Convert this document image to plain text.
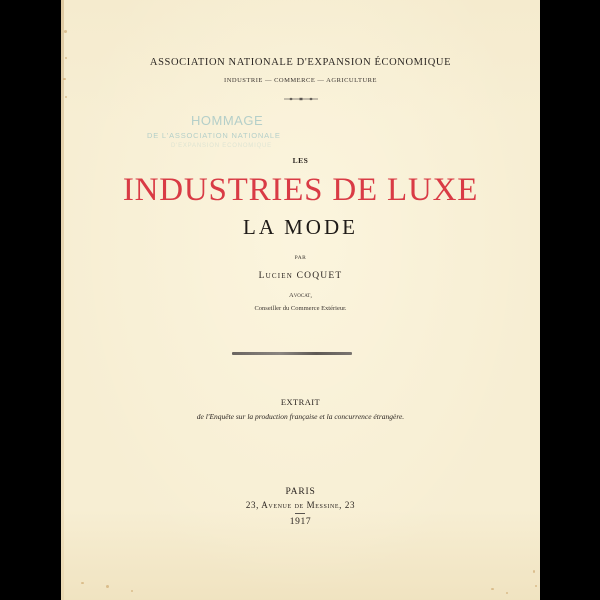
ASSOCIATION NATIONALE D'EXPANSION ÉCONOMIQUE
INDUSTRIE — COMMERCE — AGRICULTURE
HOMMAGE
DE L'ASSOCIATION NATIONALE
D'EXPANSION ÉCONOMIQUE
LES
INDUSTRIES DE LUXE
LA MODE
PAR
Lucien COQUET
Avocat,
Conseiller du Commerce Extérieur.
EXTRAIT
de l'Enquête sur la production française et la concurrence étrangère.
PARIS
23, Avenue de Messine, 23
1917
